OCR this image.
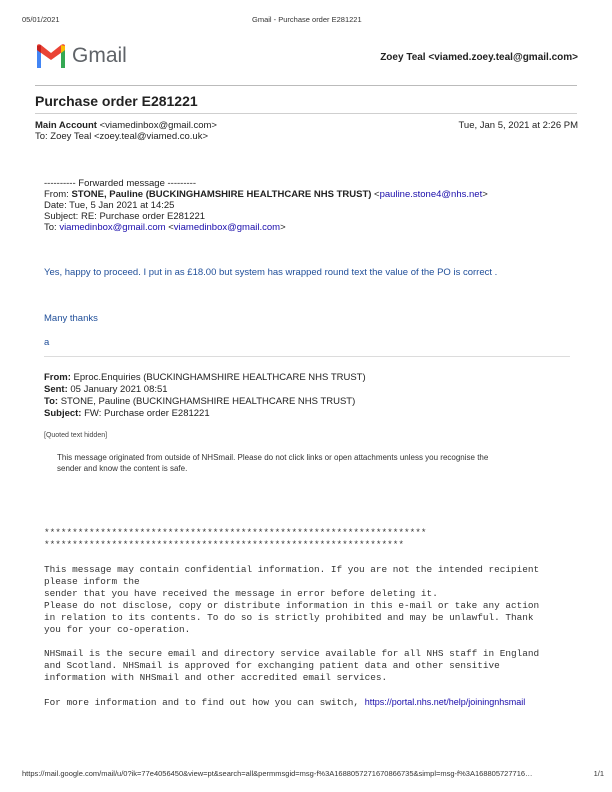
05/01/2021	Gmail - Purchase order E281221
Gmail	Zoey Teal <viamed.zoey.teal@gmail.com>
Purchase order E281221
Main Account <viamedinbox@gmail.com>	Tue, Jan 5, 2021 at 2:26 PM
To: Zoey Teal <zoey.teal@viamed.co.uk>
---------- Forwarded message ---------
From: STONE, Pauline (BUCKINGHAMSHIRE HEALTHCARE NHS TRUST) <pauline.stone4@nhs.net>
Date: Tue, 5 Jan 2021 at 14:25
Subject: RE: Purchase order E281221
To: viamedinbox@gmail.com <viamedinbox@gmail.com>
Yes, happy to proceed. I put in as £18.00 but system has wrapped round text the value of the PO is correct .
Many thanks
a
From: Eproc.Enquiries (BUCKINGHAMSHIRE HEALTHCARE NHS TRUST)
Sent: 05 January 2021 08:51
To: STONE, Pauline (BUCKINGHAMSHIRE HEALTHCARE NHS TRUST)
Subject: FW: Purchase order E281221
[Quoted text hidden]
This message originated from outside of NHSmail. Please do not click links or open attachments unless you recognise the
sender and know the content is safe.
********************************************************************
****************************************************************
This message may contain confidential information. If you are not the intended recipient
please inform the
sender that you have received the message in error before deleting it.
Please do not disclose, copy or distribute information in this e-mail or take any action
in relation to its contents. To do so is strictly prohibited and may be unlawful. Thank
you for your co-operation.
NHSmail is the secure email and directory service available for all NHS staff in England
and Scotland. NHSmail is approved for exchanging patient data and other sensitive
information with NHSmail and other accredited email services.
For more information and to find out how you can switch, https://portal.nhs.net/help/joiningnhsmail
https://mail.google.com/mail/u/0?ik=77e4056450&view=pt&search=all&permmsgid=msg-f%3A1688057271670866735&simpl=msg-f%3A168805727716…	1/1
